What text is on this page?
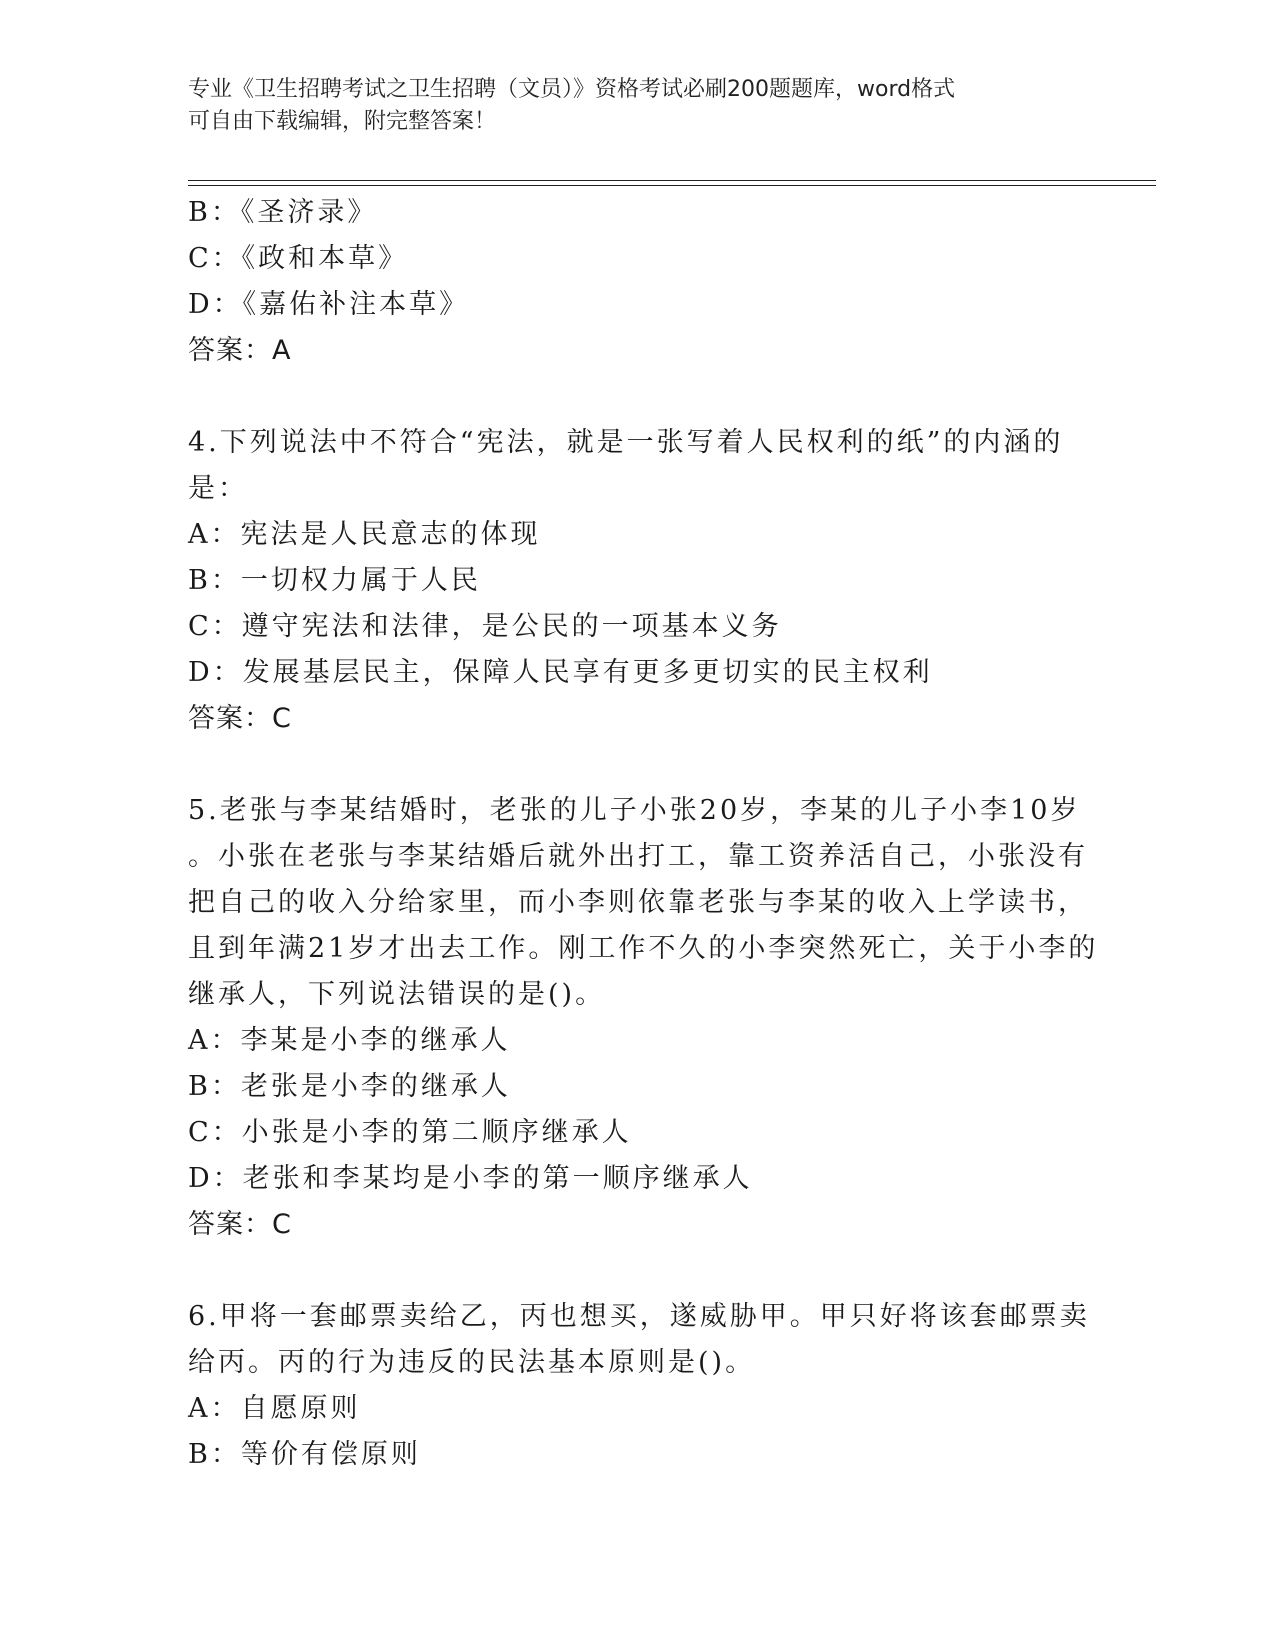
专业《卫生招聘考试之卫生招聘（文员）》资格考试必刷200题题库，word格式
可自由下载编辑，附完整答案！
B：《圣济录》
C：《政和本草》
D：《嘉佑补注本草》
答案：A
4.下列说法中不符合“宪法，就是一张写着人民权利的纸”的内涵的
是：
A：宪法是人民意志的体现
B：一切权力属于人民
C：遵守宪法和法律，是公民的一项基本义务
D：发展基层民主，保障人民享有更多更切实的民主权利
答案：C
5.老张与李某结婚时，老张的儿子小张20岁，李某的儿子小李10岁
。小张在老张与李某结婚后就外出打工，靠工资养活自己，小张没有
把自己的收入分给家里，而小李则依靠老张与李某的收入上学读书，
且到年满21岁才出去工作。刚工作不久的小李突然死亡，关于小李的
继承人，下列说法错误的是()。
A：李某是小李的继承人
B：老张是小李的继承人
C：小张是小李的第二顺序继承人
D：老张和李某均是小李的第一顺序继承人
答案：C
6.甲将一套邮票卖给乙，丙也想买，遂威胁甲。甲只好将该套邮票卖
给丙。丙的行为违反的民法基本原则是()。
A：自愿原则
B：等价有偿原则
